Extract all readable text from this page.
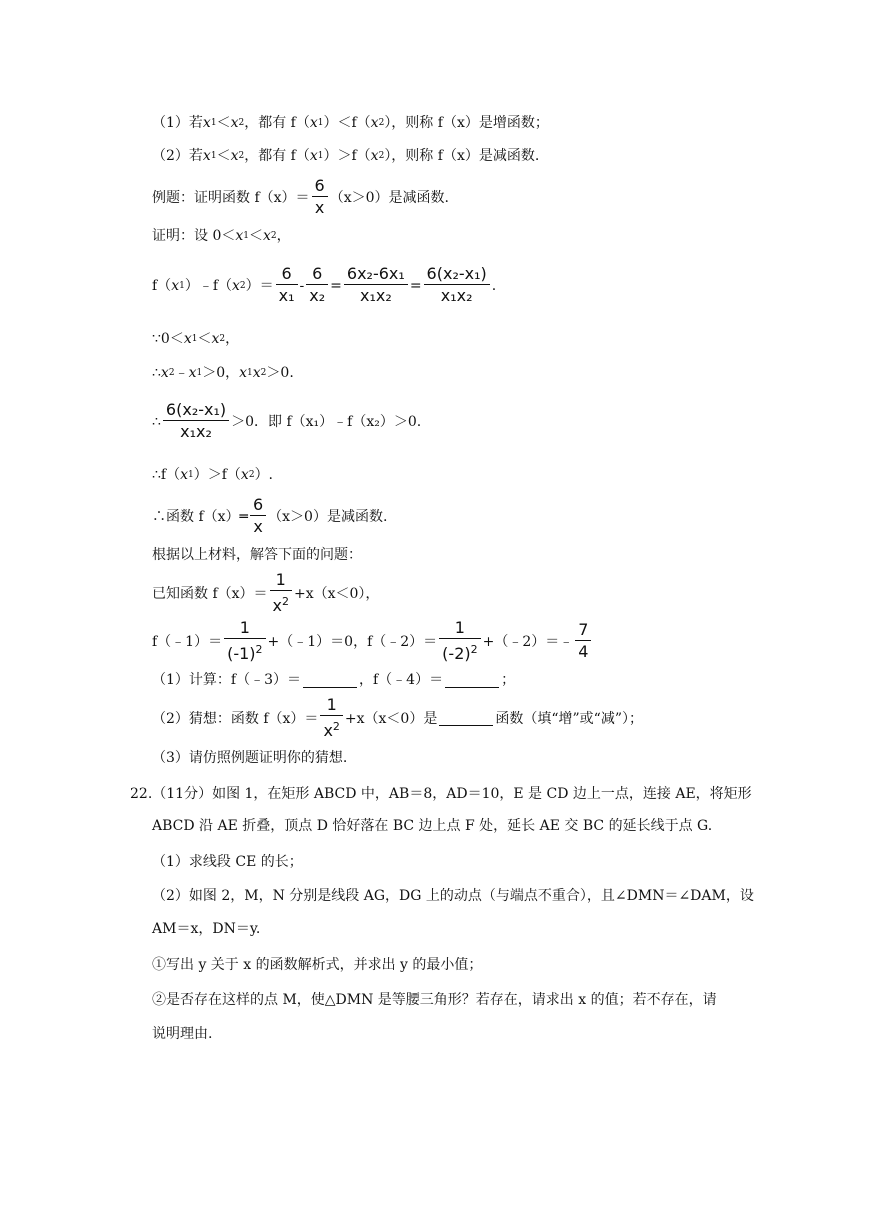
（1）若 x 1 ＜ x 2 ，都有 f（ x 1 ）＜f（ x 2 ），则称 f（x）是增函数；
（2）若 x 1 ＜ x 2 ，都有 f（ x 1 ）＞f（ x 2 ），则称 f（x）是减函数.
例题：证明函数 $f(x)= \frac{6}{x} (x>0)$是减函数.
证明：设 0＜ x 1 ＜ x 2 ，
f（ x 1 ）﹣f（ x 2 ）＝ $\frac{6}{\text{x₁}} - \frac{6}{\text{x₂}} = \frac{\text{6x₂-6x₁}}{\text{x₁x₂}} = \frac{\text{6(x₂-x₁)}}{\text{x₁x₂}}$ .
∵0＜ x 1 ＜ x 2 ，
∴ x 2 ﹣ x 1 ＞0， x 1 x 2 ＞0.
∴ $\frac{\text{6(x₂-x₁)}}{\text{x₁x₂}} >0$．即 f（x₁）﹣f（x₂）＞0.
∴f（ x 1 ）＞f（ x 2 ）.
∴函数 f（x）═ $\frac{6}{x} (x>0)$是减函数.
根据以上材料，解答下面的问题：
已知函数 $f(x)= \frac{1}{x^2} +x(x<0)$，
f（﹣1）＝ $\frac{1}{(-1)^2}$ +（﹣1）＝0，f（﹣2）＝ $\frac{1}{(-2)^2}$ +（﹣2）＝﹣ $\frac{7}{4}$
（1）计算：f（﹣3）＝	，f（﹣4）＝	；
（2）猜想：函数 $f(x)= \frac{1}{x^2} +x(x<0)$是	函数（填“增”或“减”）；
（3）请仿照例题证明你的猜想.
22.（11分）如图 1，在矩形 ABCD 中，AB＝8，AD＝10，E 是 CD 边上一点，连接 AE，将矩形
ABCD 沿 AE 折叠，顶点 D 恰好落在 BC 边上点 F 处，延长 AE 交 BC 的延长线于点 G.
（1）求线段 CE 的长；
（2）如图 2，M，N 分别是线段 AG，DG 上的动点（与端点不重合），且∠DMN＝∠DAM，设
AM＝x，DN＝y.
①写出 y 关于 x 的函数解析式，并求出 y 的最小值；
②是否存在这样的点 M，使△DMN 是等腰三角形？若存在，请求出 x 的值；若不存在，请
说明理由.
